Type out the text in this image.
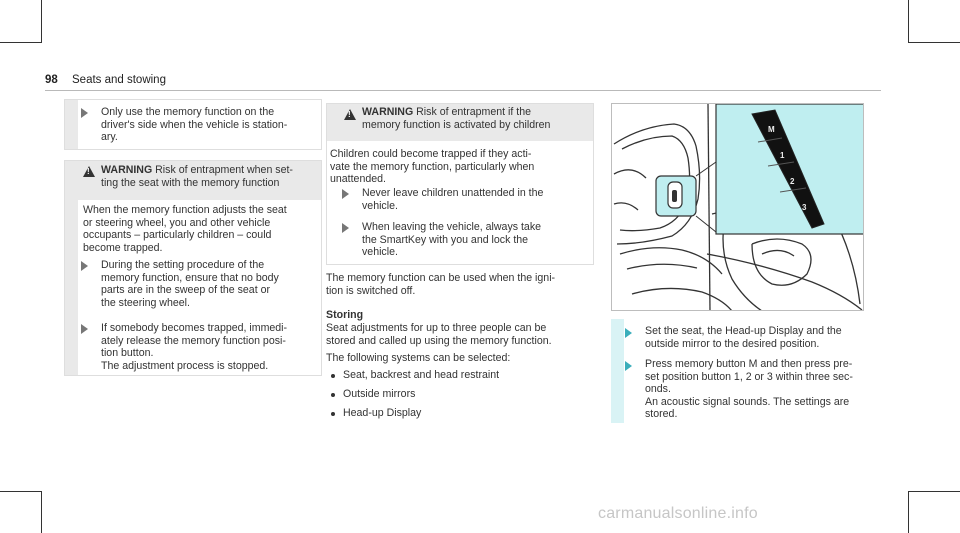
98 Seats and stowing
Only use the memory function on the
driver's side when the vehicle is station‐
ary.
!
WARNING Risk of entrapment when set‐
ting the seat with the memory function
When the memory function adjusts the seat
or steering wheel, you and other vehicle
occupants – particularly children – could
become trapped.
During the setting procedure of the
memory function, ensure that no body
parts are in the sweep of the seat or
the steering wheel.
If somebody becomes trapped, immedi‐
ately release the memory function posi‐
tion button.
The adjustment process is stopped.
!
WARNING Risk of entrapment if the
memory function is activated by children
Children could become trapped if they acti‐
vate the memory function, particularly when
unattended.
Never leave children unattended in the
vehicle.
When leaving the vehicle, always take
the SmartKey with you and lock the
vehicle.
The memory function can be used when the igni‐
tion is switched off.
Storing
Seat adjustments for up to three people can be
stored and called up using the memory function.
The following systems can be selected:
Seat, backrest and head restraint
Outside mirrors
Head-up Display
M
1
2
3
Set the seat, the Head-up Display and the
outside mirror to the desired position.
Press memory button M and then press pre‐
set position button 1, 2 or 3 within three sec‐
onds.
An acoustic signal sounds. The settings are
stored.
carmanualsonline.info
